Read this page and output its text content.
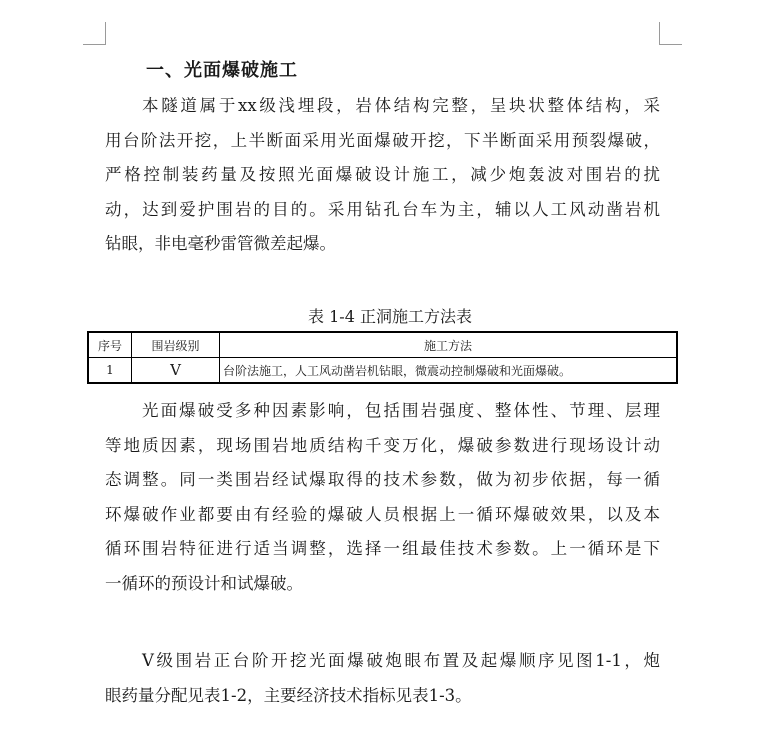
一、光面爆破施工
本隧道属于xx级浅埋段，岩体结构完整，呈块状整体结构，采
用台阶法开挖，上半断面采用光面爆破开挖，下半断面采用预裂爆破，
严格控制装药量及按照光面爆破设计施工，减少炮轰波对围岩的扰
动，达到爱护围岩的目的。采用钻孔台车为主，辅以人工风动凿岩机
钻眼，非电毫秒雷管微差起爆。
表 1-4 正洞施工方法表
序号	围岩级别	施工方法
1	Ⅴ	台阶法施工，人工风动凿岩机钻眼，微震动控制爆破和光面爆破。
光面爆破受多种因素影响，包括围岩强度、整体性、节理、层理
等地质因素，现场围岩地质结构千变万化，爆破参数进行现场设计动
态调整。同一类围岩经试爆取得的技术参数，做为初步依据，每一循
环爆破作业都要由有经验的爆破人员根据上一循环爆破效果，以及本
循环围岩特征进行适当调整，选择一组最佳技术参数。上一循环是下
一循环的预设计和试爆破。
Ⅴ级围岩正台阶开挖光面爆破炮眼布置及起爆顺序见图1-1，炮
眼药量分配见表1-2，主要经济技术指标见表1-3。
